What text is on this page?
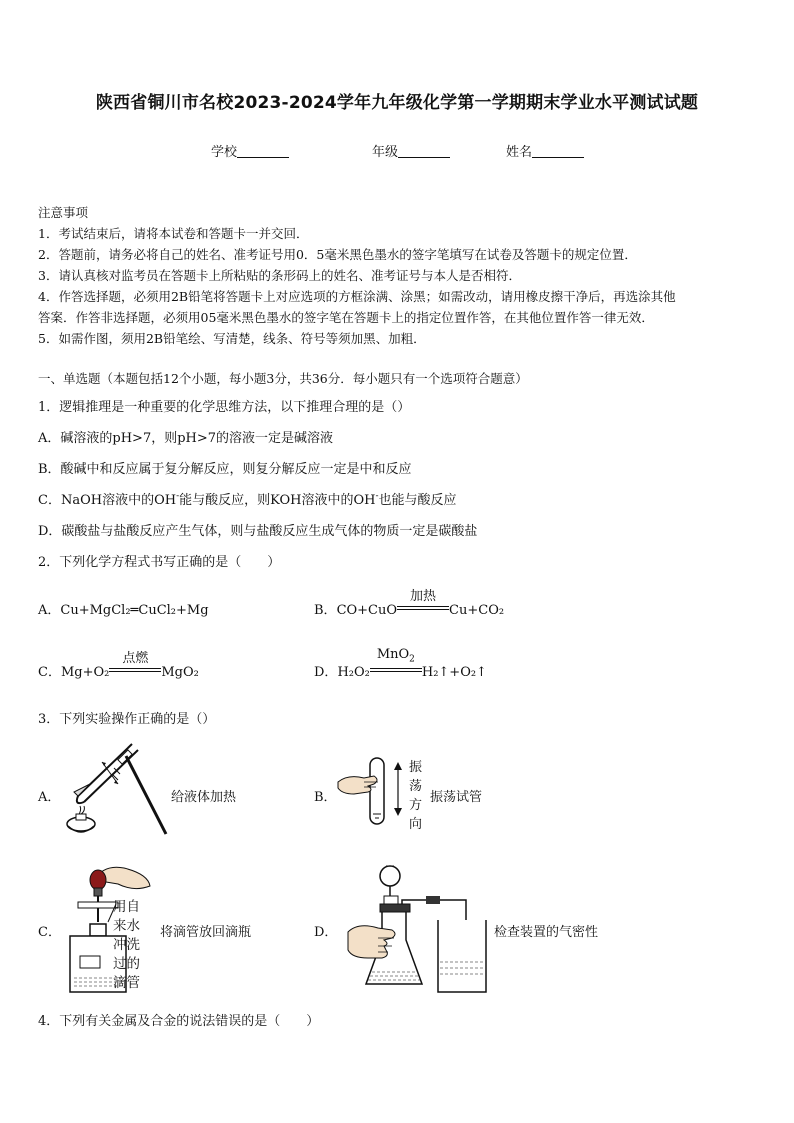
陕西省铜川市名校2023-2024学年九年级化学第一学期期末学业水平测试试题
学校	年级	姓名
注意事项
1．考试结束后，请将本试卷和答题卡一并交回．
2．答题前，请务必将自己的姓名、准考证号用0．5毫米黑色墨水的签字笔填写在试卷及答题卡的规定位置．
3．请认真核对监考员在答题卡上所粘贴的条形码上的姓名、准考证号与本人是否相符．
4．作答选择题，必须用2B铅笔将答题卡上对应选项的方框涂满、涂黑；如需改动，请用橡皮擦干净后，再选涂其他
答案．作答非选择题，必须用05毫米黑色墨水的签字笔在答题卡上的指定位置作答，在其他位置作答一律无效．
5．如需作图，须用2B铅笔绘、写清楚，线条、符号等须加黑、加粗．
一、单选题（本题包括12个小题，每小题3分，共36分．每小题只有一个选项符合题意）
1．逻辑推理是一种重要的化学思维方法，以下推理合理的是（）
A．碱溶液的pH>7，则pH>7的溶液一定是碱溶液
B．酸碱中和反应属于复分解反应，则复分解反应一定是中和反应
C．NaOH溶液中的OH-能与酸反应，则KOH溶液中的OH-也能与酸反应
D．碳酸盐与盐酸反应产生气体，则与盐酸反应生成气体的物质一定是碳酸盐
2．下列化学方程式书写正确的是（　　）
A．Cu+MgCl₂═CuCl₂+Mg	B．CO+CuO
加热
Cu+CO₂
C．Mg+O₂
点燃
MgO₂	D．H₂O₂
MnO$_2$
H₂↑+O₂↑
3．下列实验操作正确的是（）
A．	给液体加热	B．
振荡方向
振荡试管
C．
用自来水冲洗过的滴管
将滴管放回滴瓶	D．	检查装置的气密性
4．下列有关金属及合金的说法错误的是（　　）
